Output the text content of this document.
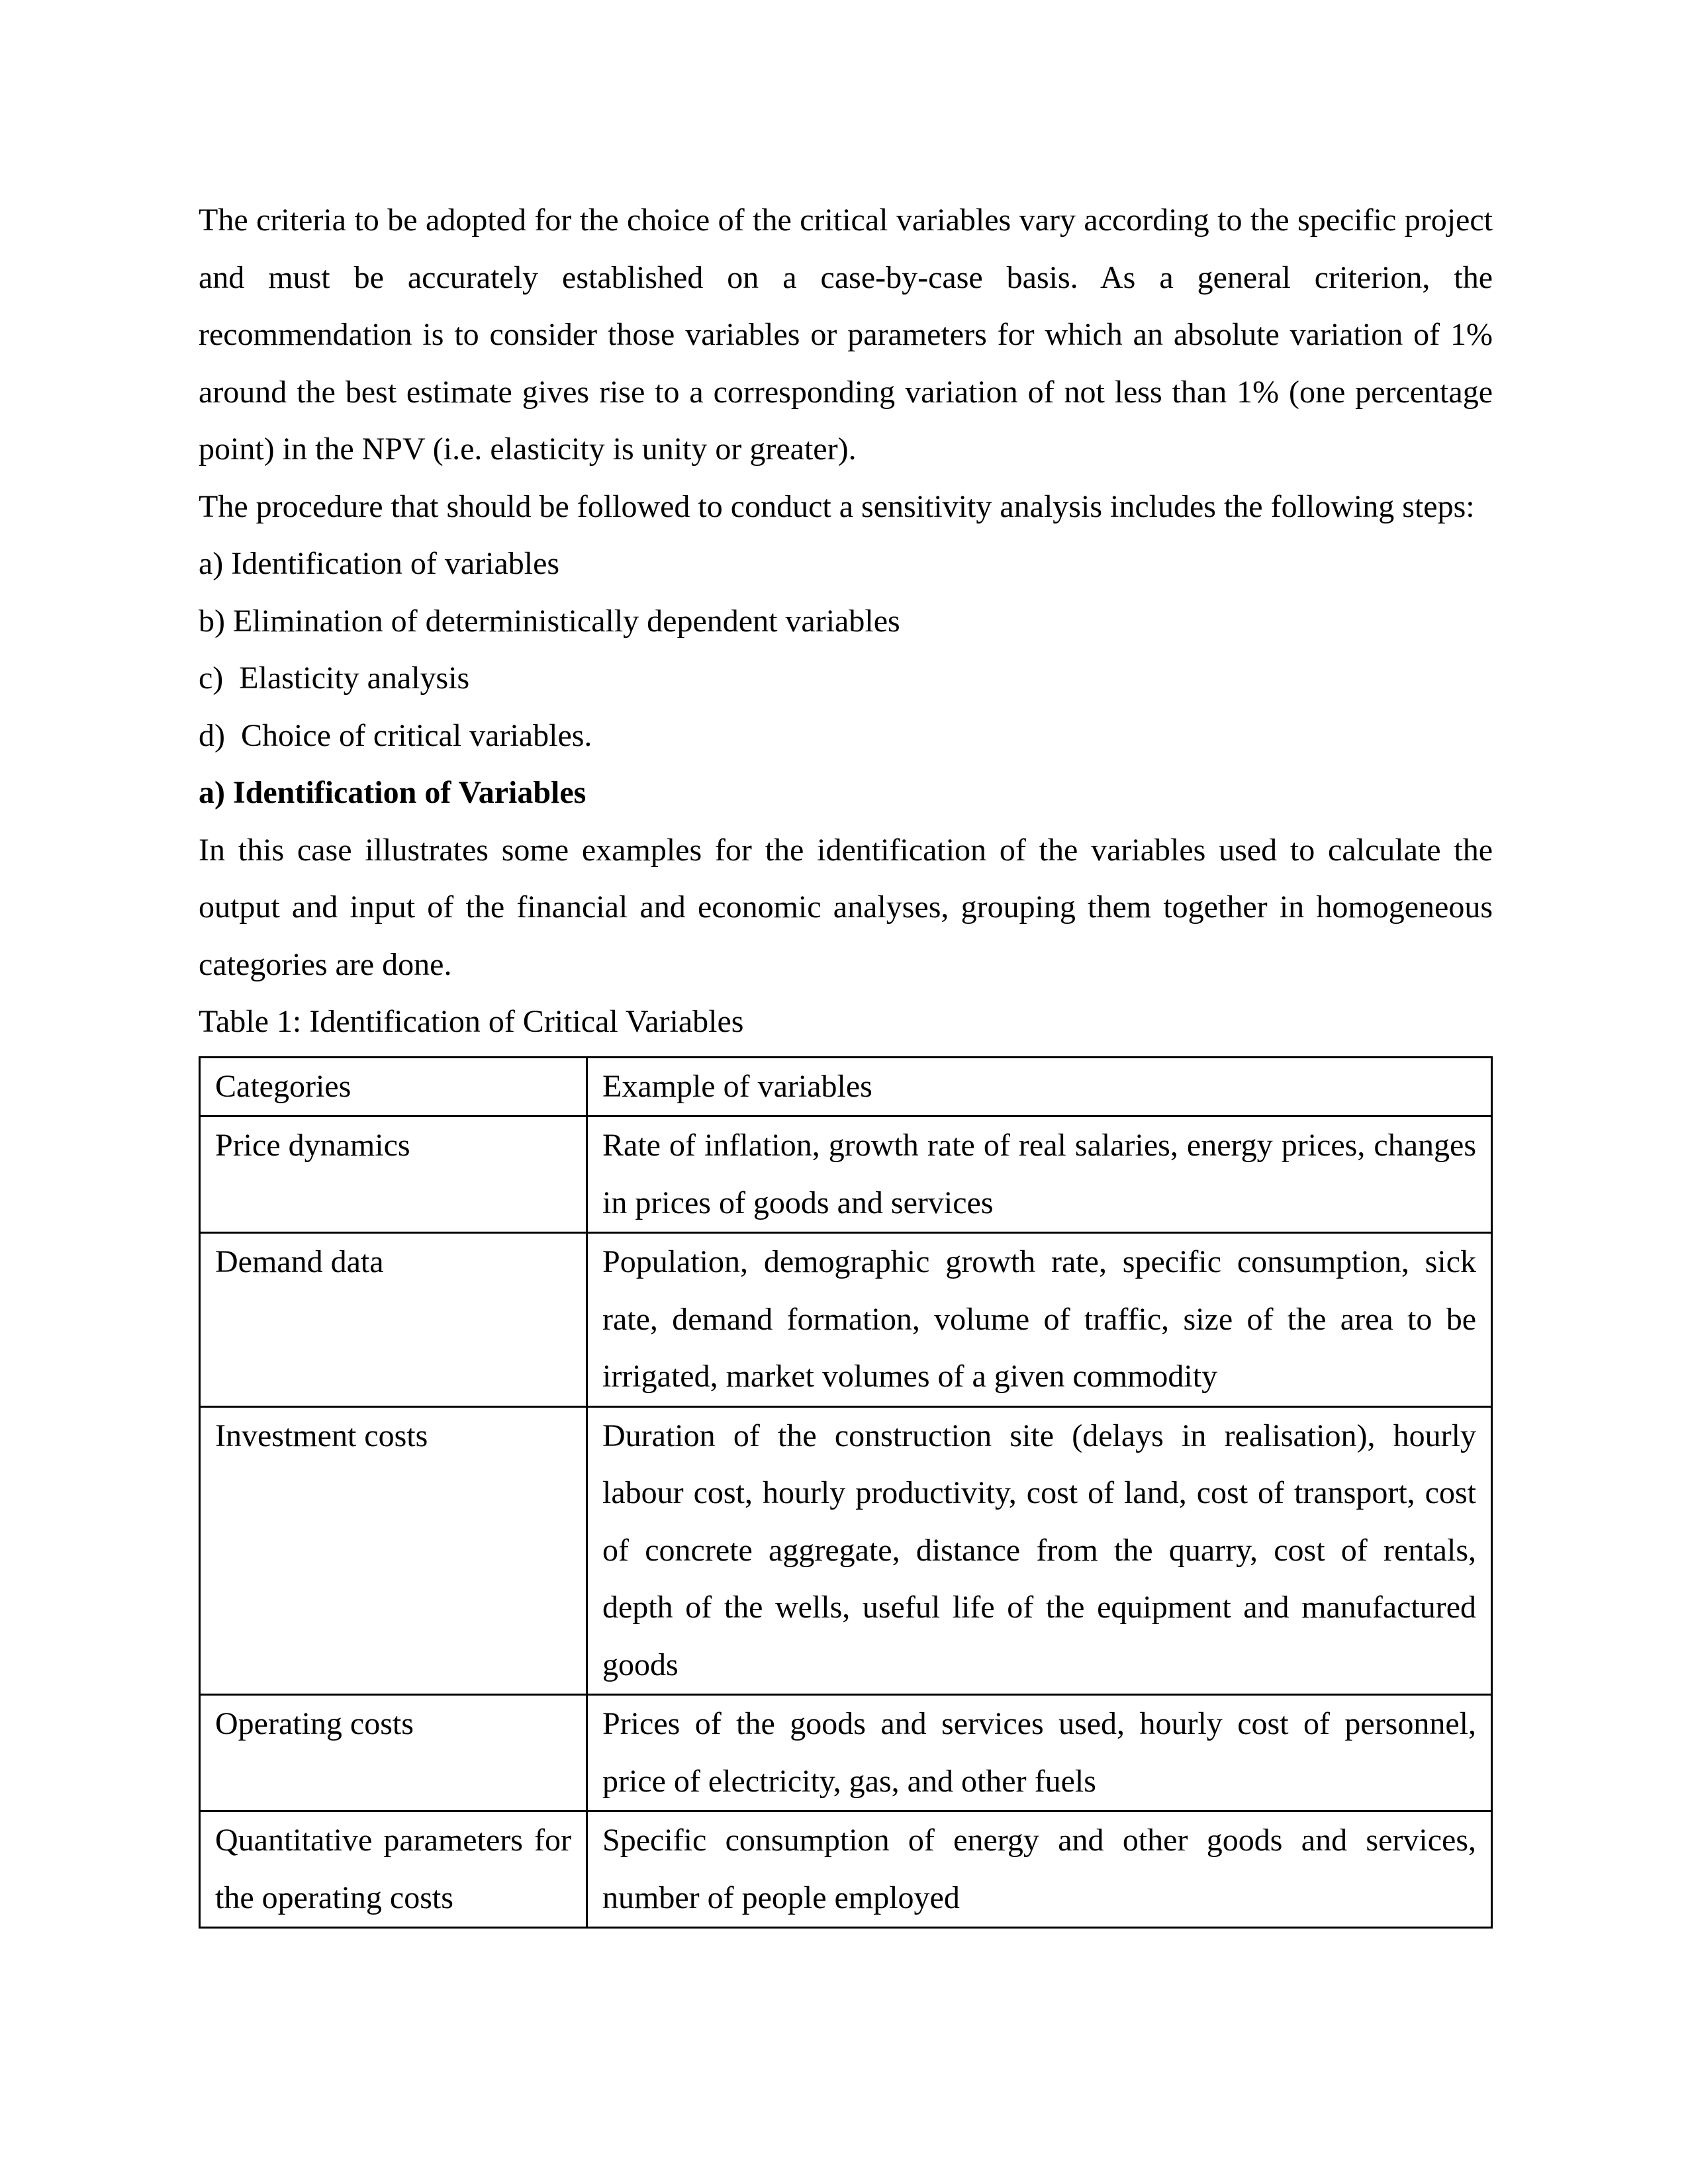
The criteria to be adopted for the choice of the critical variables vary according to the specific project and must be accurately established on a case-by-case basis. As a general criterion, the recommendation is to consider those variables or parameters for which an absolute variation of 1% around the best estimate gives rise to a corresponding variation of not less than 1% (one percentage point) in the NPV (i.e. elasticity is unity or greater).

The procedure that should be followed to conduct a sensitivity analysis includes the following steps:

a) Identification of variables

b) Elimination of deterministically dependent variables

c)  Elasticity analysis

d)  Choice of critical variables.

a) Identification of Variables

In this case illustrates some examples for the identification of the variables used to calculate the output and input of the financial and economic analyses, grouping them together in homogeneous categories are done.

Table 1: Identification of Critical Variables

Categories	Example of variables
Price dynamics	Rate of inflation, growth rate of real salaries, energy prices, changes in prices of goods and services
Demand data	Population, demographic growth rate, specific consumption, sick rate, demand formation, volume of traffic, size of the area to be irrigated, market volumes of a given commodity
Investment costs	Duration of the construction site (delays in realisation), hourly labour cost, hourly productivity, cost of land, cost of transport, cost of concrete aggregate, distance from the quarry, cost of rentals, depth of the wells, useful life of the equipment and manufactured goods
Operating costs	Prices of the goods and services used, hourly cost of personnel, price of electricity, gas, and other fuels
Quantitative parameters for the operating costs	Specific consumption of energy and other goods and services, number of people employed
